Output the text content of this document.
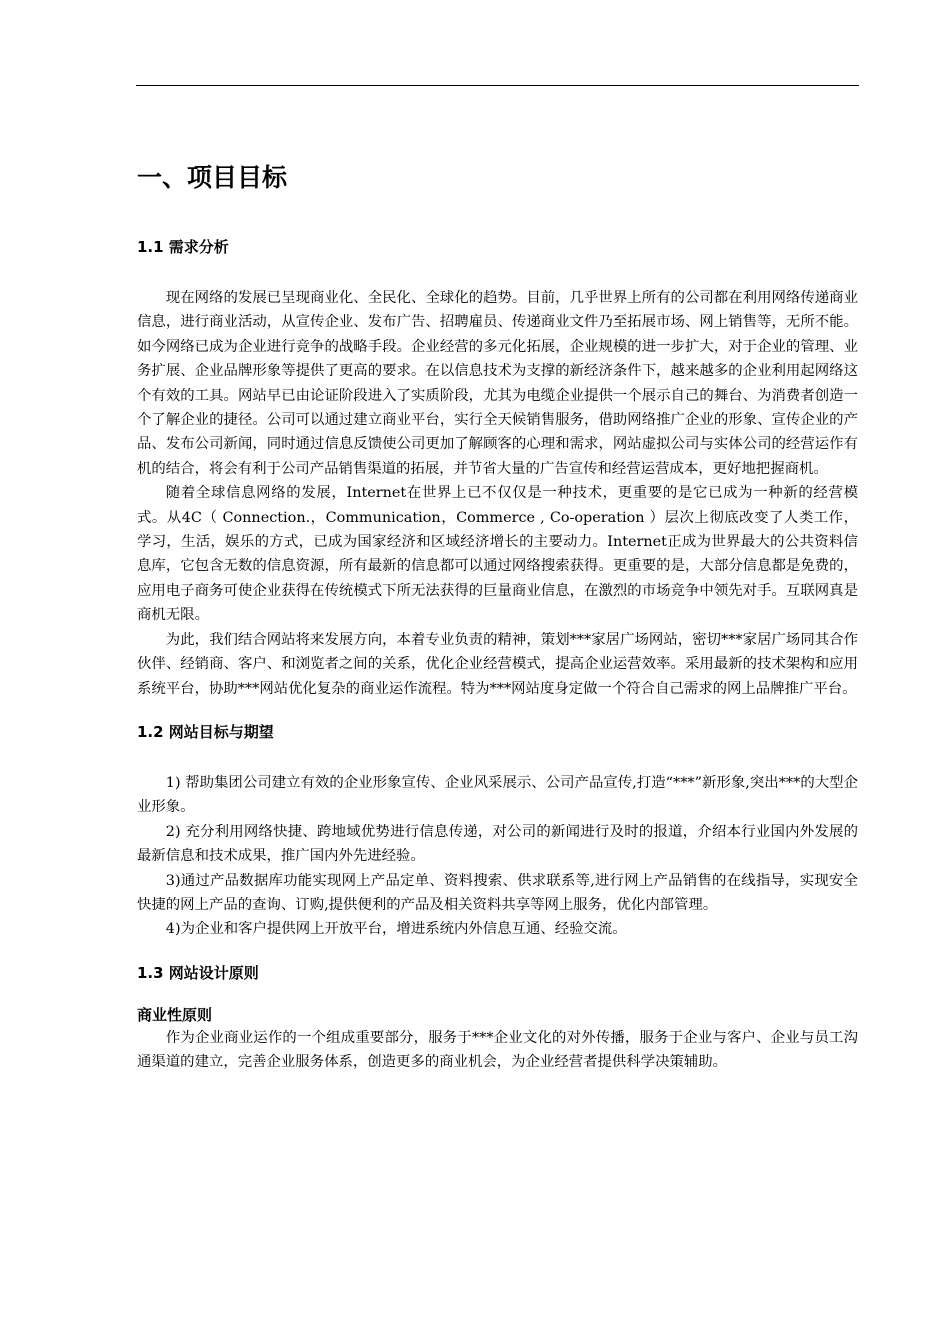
一、项目目标
1.1 需求分析

现在网络的发展已呈现商业化、全民化、全球化的趋势。目前，几乎世界上所有的公司都在利用网络传递商业信息，进行商业活动，从宣传企业、发布广告、招聘雇员、传递商业文件乃至拓展市场、网上销售等，无所不能。如今网络已成为企业进行竞争的战略手段。企业经营的多元化拓展，企业规模的进一步扩大，对于企业的管理、业务扩展、企业品牌形象等提供了更高的要求。在以信息技术为支撑的新经济条件下，越来越多的企业利用起网络这个有效的工具。网站早已由论证阶段进入了实质阶段，尤其为电缆企业提供一个展示自己的舞台、为消费者创造一个了解企业的捷径。公司可以通过建立商业平台，实行全天候销售服务，借助网络推广企业的形象、宣传企业的产品、发布公司新闻，同时通过信息反馈使公司更加了解顾客的心理和需求，网站虚拟公司与实体公司的经营运作有机的结合，将会有利于公司产品销售渠道的拓展，并节省大量的广告宣传和经营运营成本，更好地把握商机。

随着全球信息网络的发展，Internet在世界上已不仅仅是一种技术，更重要的是它已成为一种新的经营模式。从4C（ Connection.，Communication，Commerce , Co-operation ）层次上彻底改变了人类工作，学习，生活，娱乐的方式，已成为国家经济和区域经济增长的主要动力。Internet正成为世界最大的公共资料信息库，它包含无数的信息资源，所有最新的信息都可以通过网络搜索获得。更重要的是，大部分信息都是免费的，应用电子商务可使企业获得在传统模式下所无法获得的巨量商业信息，在激烈的市场竞争中领先对手。互联网真是商机无限。

为此，我们结合网站将来发展方向，本着专业负责的精神，策划***家居广场网站，密切***家居广场同其合作伙伴、经销商、客户、和浏览者之间的关系，优化企业经营模式，提高企业运营效率。采用最新的技术架构和应用系统平台，协助***网站优化复杂的商业运作流程。特为***网站度身定做一个符合自己需求的网上品牌推广平台。

1.2 网站目标与期望

1) 帮助集团公司建立有效的企业形象宣传、企业风采展示、公司产品宣传,打造“***”新形象,突出***的大型企业形象。

2) 充分利用网络快捷、跨地域优势进行信息传递，对公司的新闻进行及时的报道，介绍本行业国内外发展的最新信息和技术成果，推广国内外先进经验。

3)通过产品数据库功能实现网上产品定单、资料搜索、供求联系等,进行网上产品销售的在线指导，实现安全快捷的网上产品的查询、订购,提供便利的产品及相关资料共享等网上服务，优化内部管理。

4)为企业和客户提供网上开放平台，增进系统内外信息互通、经验交流。

1.3 网站设计原则
商业性原则

作为企业商业运作的一个组成重要部分，服务于***企业文化的对外传播，服务于企业与客户、企业与员工沟通渠道的建立，完善企业服务体系，创造更多的商业机会，为企业经营者提供科学决策辅助。
